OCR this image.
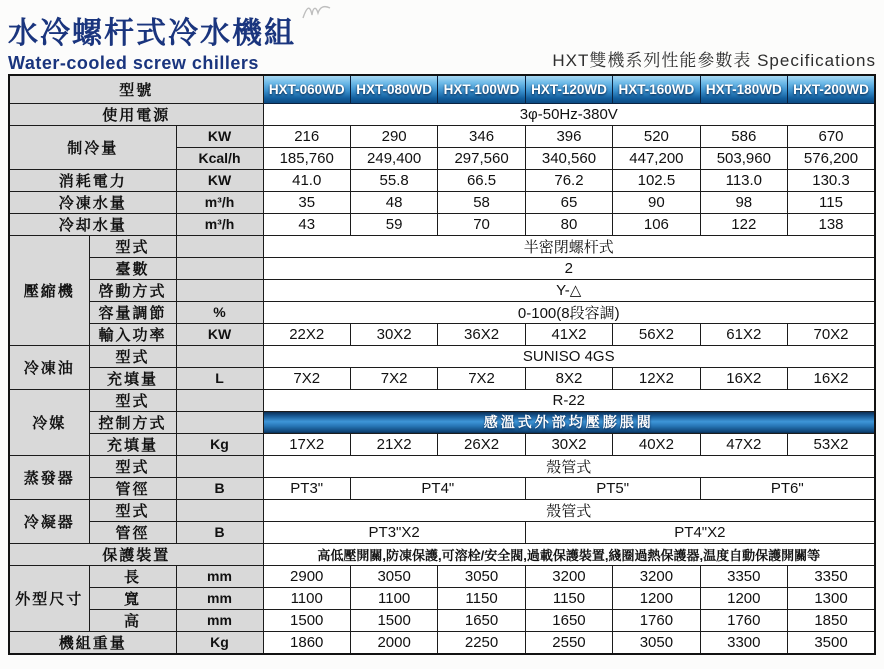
水冷螺杆式冷水機組
Water-cooled screw chillers	HXT雙機系列性能參數表 Specifications
型號			HXT-060WD	HXT-080WD	HXT-100WD	HXT-120WD	HXT-160WD	HXT-180WD	HXT-200WD
使用電源			3φ-50Hz-380V						
制冷量		KW	216	290	346	396	520	586	670
		Kcal/h	185,760	249,400	297,560	340,560	447,200	503,960	576,200
消耗電力		KW	41.0	55.8	66.5	76.2	102.5	113.0	130.3
冷凍水量		m³/h	35	48	58	65	90	98	115
冷却水量		m³/h	43	59	70	80	106	122	138
壓縮機	型式		半密閉螺杆式						
	臺數		2						
	啓動方式		Y-△						
	容量調節	%	0-100(8段容調)						
	輸入功率	KW	22X2	30X2	36X2	41X2	56X2	61X2	70X2
冷凍油	型式		SUNISO 4GS						
	充填量	L	7X2	7X2	7X2	8X2	12X2	16X2	16X2
冷媒	型式		R-22						
	控制方式		感溫式外部均壓膨脹閥						
	充填量	Kg	17X2	21X2	26X2	30X2	40X2	47X2	53X2
蒸發器	型式		殼管式						
	管徑	B	PT3"	PT4"		PT5"		PT6"	
冷凝器	型式		殼管式						
	管徑	B	PT3"X2			PT4"X2			
保護裝置			高低壓開關,防凍保護,可溶栓/安全閥,過載保護裝置,綫圈過熱保護器,温度自動保護開關等						
外型尺寸	長	mm	2900	3050	3050	3200	3200	3350	3350
	寬	mm	1100	1100	1150	1150	1200	1200	1300
	高	mm	1500	1500	1650	1650	1760	1760	1850
機組重量		Kg	1860	2000	2250	2550	3050	3300	3500
